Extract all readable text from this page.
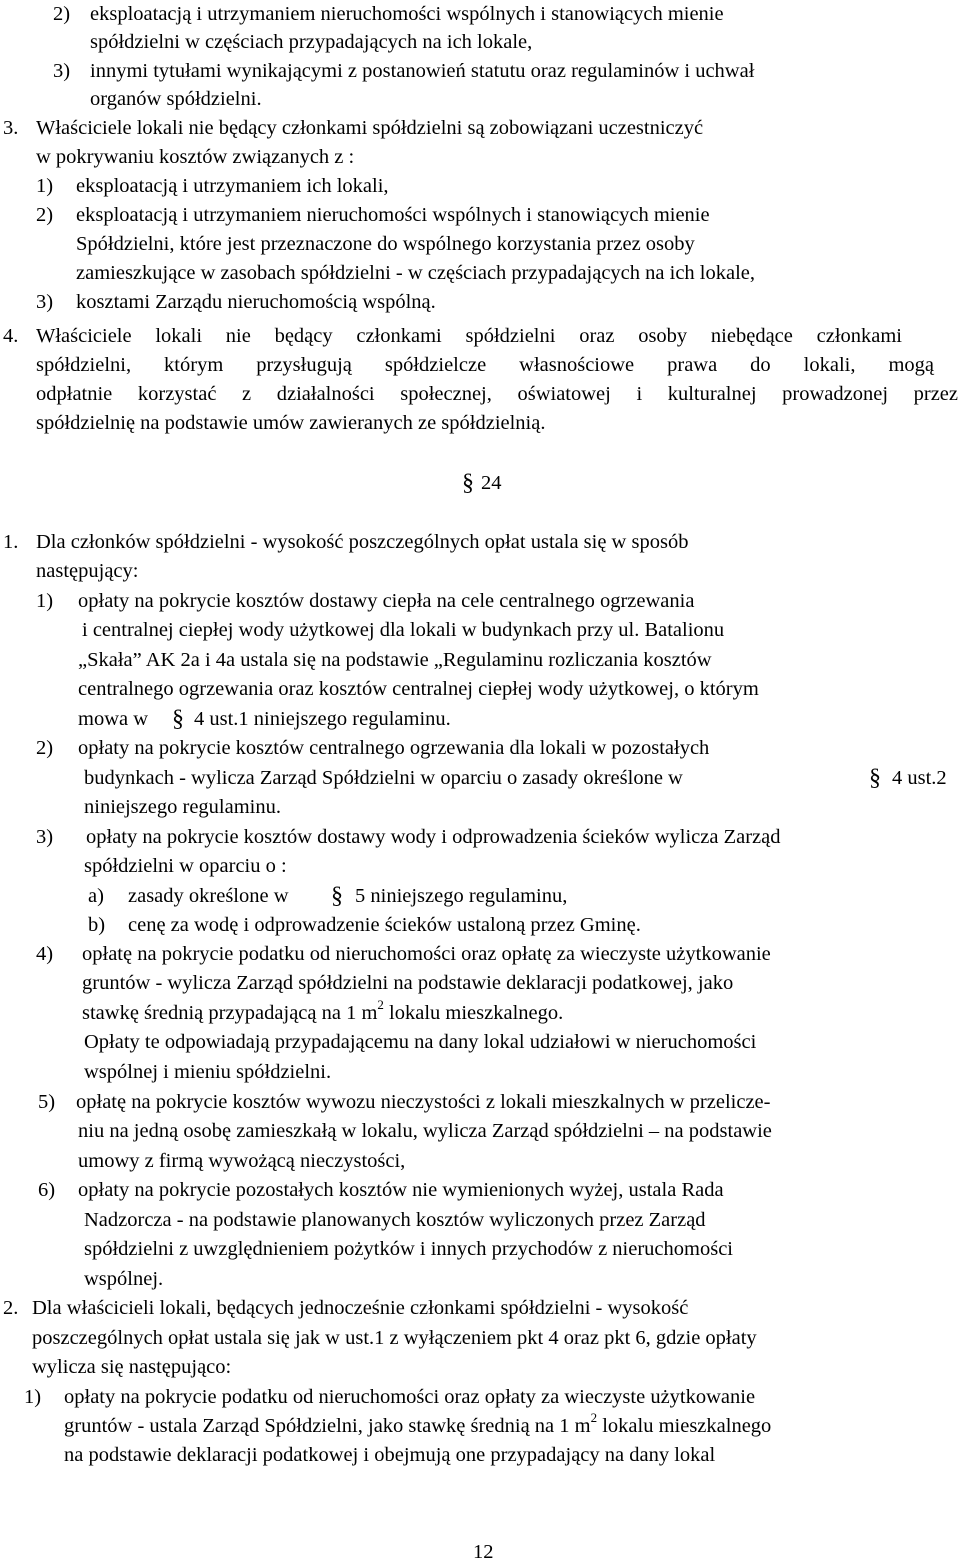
2) eksploatacją i utrzymaniem nieruchomości wspólnych i stanowiących mienie
spółdzielni w częściach przypadających na ich lokale,
3) innymi tytułami wynikającymi z postanowień statutu oraz regulaminów i uchwał
organów spółdzielni.
3. Właściciele lokali nie będący członkami spółdzielni są zobowiązani uczestniczyć
w pokrywaniu kosztów związanych z :
1) eksploatacją i utrzymaniem ich lokali,
2) eksploatacją i utrzymaniem nieruchomości wspólnych i stanowiących mienie
Spółdzielni, które jest przeznaczone do wspólnego korzystania przez osoby
zamieszkujące w zasobach spółdzielni - w częściach przypadających na ich lokale,
3) kosztami Zarządu nieruchomością wspólną.
4. Właściciele lokali nie będący członkami spółdzielni oraz osoby niebędące członkami
spółdzielni, którym przysługują spółdzielcze własnościowe prawa do lokali, mogą
odpłatnie korzystać z działalności społecznej, oświatowej i kulturalnej prowadzonej przez
spółdzielnię na podstawie umów zawieranych ze spółdzielnią.
§ 24
1. Dla członków spółdzielni - wysokość poszczególnych opłat ustala się w sposób
następujący:
1) opłaty na pokrycie kosztów dostawy ciepła na cele centralnego ogrzewania
i centralnej ciepłej wody użytkowej dla lokali w budynkach przy ul. Batalionu
„Skała” AK 2a i 4a ustala się na podstawie „Regulaminu rozliczania kosztów
centralnego ogrzewania oraz kosztów centralnej ciepłej wody użytkowej, o którym
mowa w § 4 ust.1 niniejszego regulaminu.
2) opłaty na pokrycie kosztów centralnego ogrzewania dla lokali w pozostałych
budynkach - wylicza Zarząd Spółdzielni w oparciu o zasady określone w	§ 4 ust.2
niniejszego regulaminu.
3) opłaty na pokrycie kosztów dostawy wody i odprowadzenia ścieków wylicza Zarząd
spółdzielni w oparciu o :
a) zasady określone w § 5 niniejszego regulaminu,
b) cenę za wodę i odprowadzenie ścieków ustaloną przez Gminę.
4) opłatę na pokrycie podatku od nieruchomości oraz opłatę za wieczyste użytkowanie
gruntów - wylicza Zarząd spółdzielni na podstawie deklaracji podatkowej, jako
stawkę średnią przypadającą na 1 $m^2$ lokalu mieszkalnego.
Opłaty te odpowiadają przypadającemu na dany lokal udziałowi w nieruchomości
wspólnej i mieniu spółdzielni.
5) opłatę na pokrycie kosztów wywozu nieczystości z lokali mieszkalnych w przelicze-
niu na jedną osobę zamieszkałą w lokalu, wylicza Zarząd spółdzielni – na podstawie
umowy z firmą wywożącą nieczystości,
6) opłaty na pokrycie pozostałych kosztów nie wymienionych wyżej, ustala Rada
Nadzorcza - na podstawie planowanych kosztów wyliczonych przez Zarząd
spółdzielni z uwzględnieniem pożytków i innych przychodów z nieruchomości
wspólnej.
2. Dla właścicieli lokali, będących jednocześnie członkami spółdzielni - wysokość
poszczególnych opłat ustala się jak w ust.1 z wyłączeniem pkt 4 oraz pkt 6, gdzie opłaty
wylicza się następująco:
1) opłaty na pokrycie podatku od nieruchomości oraz opłaty za wieczyste użytkowanie
gruntów - ustala Zarząd Spółdzielni, jako stawkę średnią na 1 $m^2$ lokalu mieszkalnego
na podstawie deklaracji podatkowej i obejmują one przypadający na dany lokal
12
